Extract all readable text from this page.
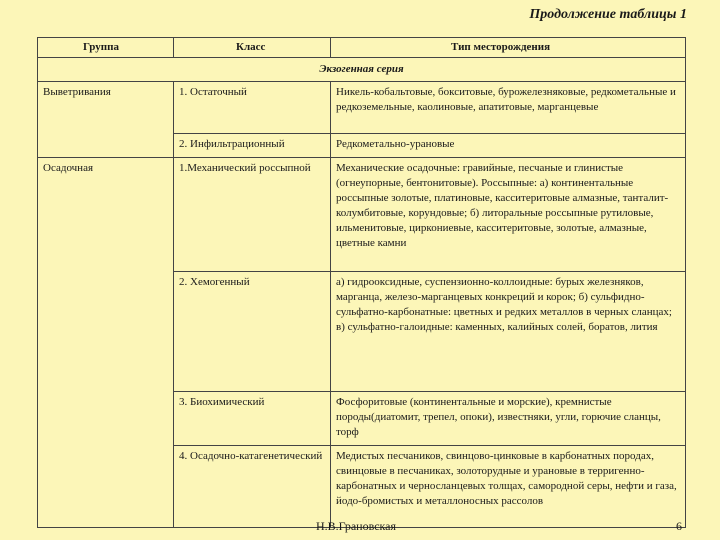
Продолжение таблицы 1
Группа	Класс	Тип месторождения
Экзогенная серия		
Выветривания	1. Остаточный	Никель-кобальтовые, бокситовые, бурожелезняковые, редкометальные и редкоземельные, каолиновые, апатитовые, марганцевые
	2. Инфильтрационный	Редкометально-урановые
Осадочная	1.Механический россыпной	Механические осадочные: гравийные, песчаные и глинистые (огнеупорные, бентонитовые). Россыпные: а) континентальные россыпные золотые, платиновые, касситеритовые алмазные, танталит-колумбитовые, корундовые; б) литоральные россыпные рутиловые, ильменитовые, циркониевые, касситеритовые, золотые, алмазные, цветные камни
	2. Хемогенный	а) гидрооксидные, суспензионно-коллоидные: бурых железняков, марганца, железо-марганцевых конкреций и корок; б) сульфидно-сульфатно-карбонатные: цветных и редких металлов в черных сланцах; в) сульфатно-галоидные: каменных, калийных солей, боратов, лития
	3. Биохимический	Фосфоритовые (континентальные и морские), кремнистые породы(диатомит, трепел, опоки), известняки, угли, горючие сланцы, торф
	4. Осадочно-катагенетический	Медистых песчаников, свинцово-цинковые в карбонатных породах, свинцовые в песчаниках, золоторудные и урановые в терригенно-карбонатных и черносланцевых толщах, самородной серы, нефти и газа, йодо-бромистых и металлоносных рассолов
Н.В.Грановская	6
